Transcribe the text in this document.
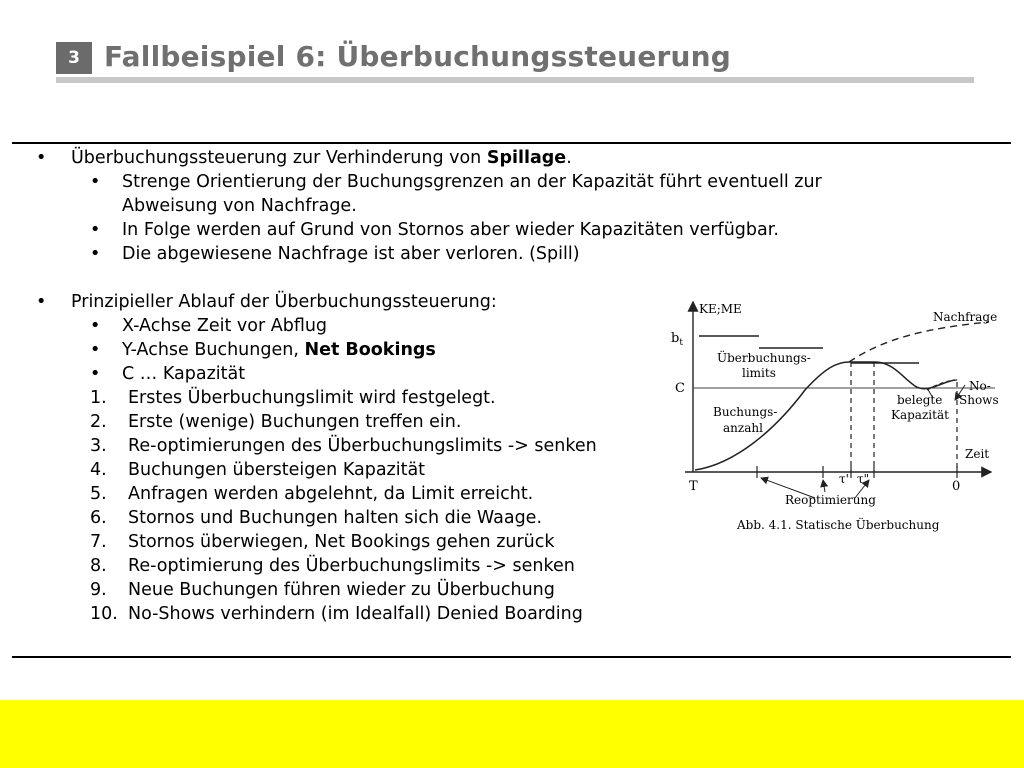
3 Fallbeispiel 6: Überbuchungssteuerung
• Überbuchungssteuerung zur Verhinderung von Spillage.
• Strenge Orientierung der Buchungsgrenzen an der Kapazität führt eventuell zur
Abweisung von Nachfrage.
• In Folge werden auf Grund von Stornos aber wieder Kapazitäten verfügbar.
• Die abgewiesene Nachfrage ist aber verloren. (Spill)
• Prinzipieller Ablauf der Überbuchungssteuerung:
• X-Achse Zeit vor Abflug
• Y-Achse Buchungen, Net Bookings
• C … Kapazität
1. Erstes Überbuchungslimit wird festgelegt.
2. Erste (wenige) Buchungen treffen ein.
3. Re-optimierungen des Überbuchungslimits -> senken
4. Buchungen übersteigen Kapazität
5. Anfragen werden abgelehnt, da Limit erreicht.
6. Stornos und Buchungen halten sich die Waage.
7. Stornos überwiegen, Net Bookings gehen zurück
8. Re-optimierung des Überbuchungslimits -> senken
9. Neue Buchungen führen wieder zu Überbuchung
10. No-Shows verhindern (im Idealfall) Denied Boarding
KE;ME
$b_t$
C
Nachfrage
Überbuchungs-
limits
Buchungs-
anzahl
No-
Shows
belegte
Kapazität
Zeit
T	0
τ' τ"
Reoptimierung
Abb. 4.1. Statische Überbuchung
